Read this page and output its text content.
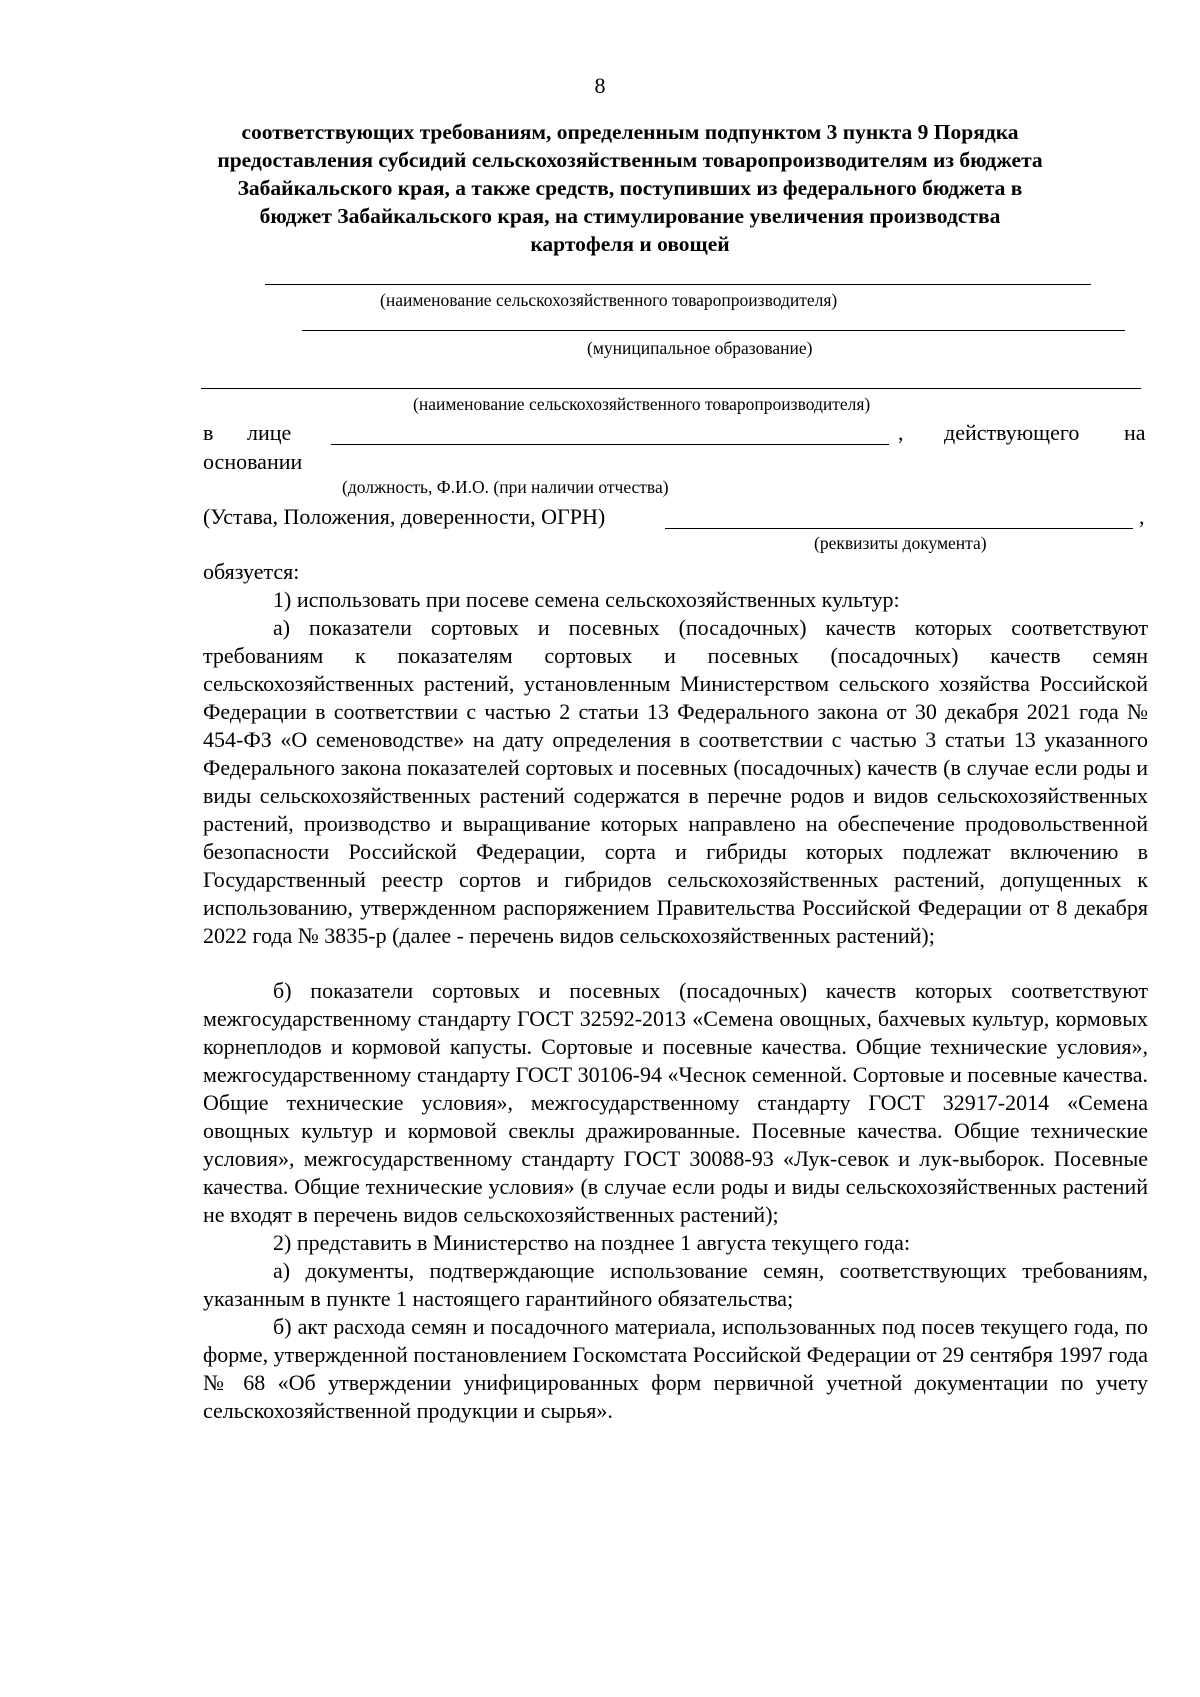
8
соответствующих требованиям, определенным подпунктом 3 пункта 9 Порядка
предоставления субсидий сельскохозяйственным товаропроизводителям из бюджета
Забайкальского края, а также средств, поступивших из федерального бюджета в
бюджет Забайкальского края, на стимулирование увеличения производства
картофеля и овощей
(наименование сельскохозяйственного товаропроизводителя)
(муниципальное образование)
(наименование сельскохозяйственного товаропроизводителя)
в лице	, действующего на
основании
(должность, Ф.И.О. (при наличии отчества)
(Устава, Положения, доверенности, ОГРН)	,
(реквизиты документа)

обязуется:

1) использовать при посеве семена сельскохозяйственных культур:

а) показатели сортовых и посевных (посадочных) качеств которых соответствуют требованиям к показателям сортовых и посевных (посадочных) качеств семян сельскохозяйственных растений, установленным Министерством сельского хозяйства Российской Федерации в соответствии с частью 2 статьи 13 Федерального закона от 30 декабря 2021 года № 454-ФЗ «О семеноводстве» на дату определения в соответствии с частью 3 статьи 13 указанного Федерального закона показателей сортовых и посевных (посадочных) качеств (в случае если роды и виды сельскохозяйственных растений содержатся в перечне родов и видов сельскохозяйственных растений, производство и выращивание которых направлено на обеспечение продовольственной безопасности Российской Федерации, сорта и гибриды которых подлежат включению в Государственный реестр сортов и гибридов сельскохозяйственных растений, допущенных к использованию, утвержденном распоряжением Правительства Российской Федерации от 8 декабря 2022 года № 3835-р (далее - перечень видов сельскохозяйственных растений);

б) показатели сортовых и посевных (посадочных) качеств которых соответствуют межгосударственному стандарту ГОСТ 32592-2013 «Семена овощных, бахчевых культур, кормовых корнеплодов и кормовой капусты. Сортовые и посевные качества. Общие технические условия», межгосударственному стандарту ГОСТ 30106-94 «Чеснок семенной. Сортовые и посевные качества. Общие технические условия», межгосударственному стандарту ГОСТ 32917-2014 «Семена овощных культур и кормовой свеклы дражированные. Посевные качества. Общие технические условия», межгосударственному стандарту ГОСТ 30088-93 «Лук-севок и лук-выборок. Посевные качества. Общие технические условия» (в случае если роды и виды сельскохозяйственных растений не входят в перечень видов сельскохозяйственных растений);

2) представить в Министерство на позднее 1 августа текущего года:

а) документы, подтверждающие использование семян, соответствующих требованиям, указанным в пункте 1 настоящего гарантийного обязательства;

б) акт расхода семян и посадочного материала, использованных под посев текущего года, по форме, утвержденной постановлением Госкомстата Российской Федерации от 29 сентября 1997 года № 68 «Об утверждении унифицированных форм первичной учетной документации по учету сельскохозяйственной продукции и сырья».
